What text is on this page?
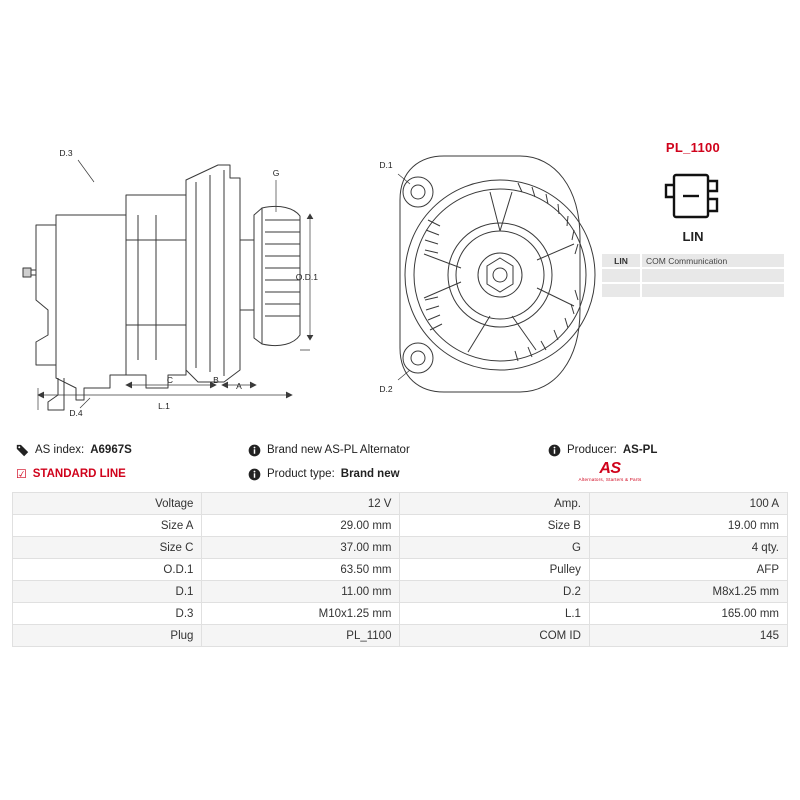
D.3
G
O.D.1
D.4
C	B
A
L.1
D.1
D.2
PL_1100
LIN
LIN	COM Communication

AS index: A6967S	Brand new AS-PL Alternator	Producer: AS-PL
☑ STANDARD LINE	Product type: Brand new	AS
Alternators, Starters & Parts
Voltage	12 V	Amp.	100 A
Size A	29.00 mm	Size B	19.00 mm
Size C	37.00 mm	G	4 qty.
O.D.1	63.50 mm	Pulley	AFP
D.1	11.00 mm	D.2	M8x1.25 mm
D.3	M10x1.25 mm	L.1	165.00 mm
Plug	PL_1100	COM ID	145
